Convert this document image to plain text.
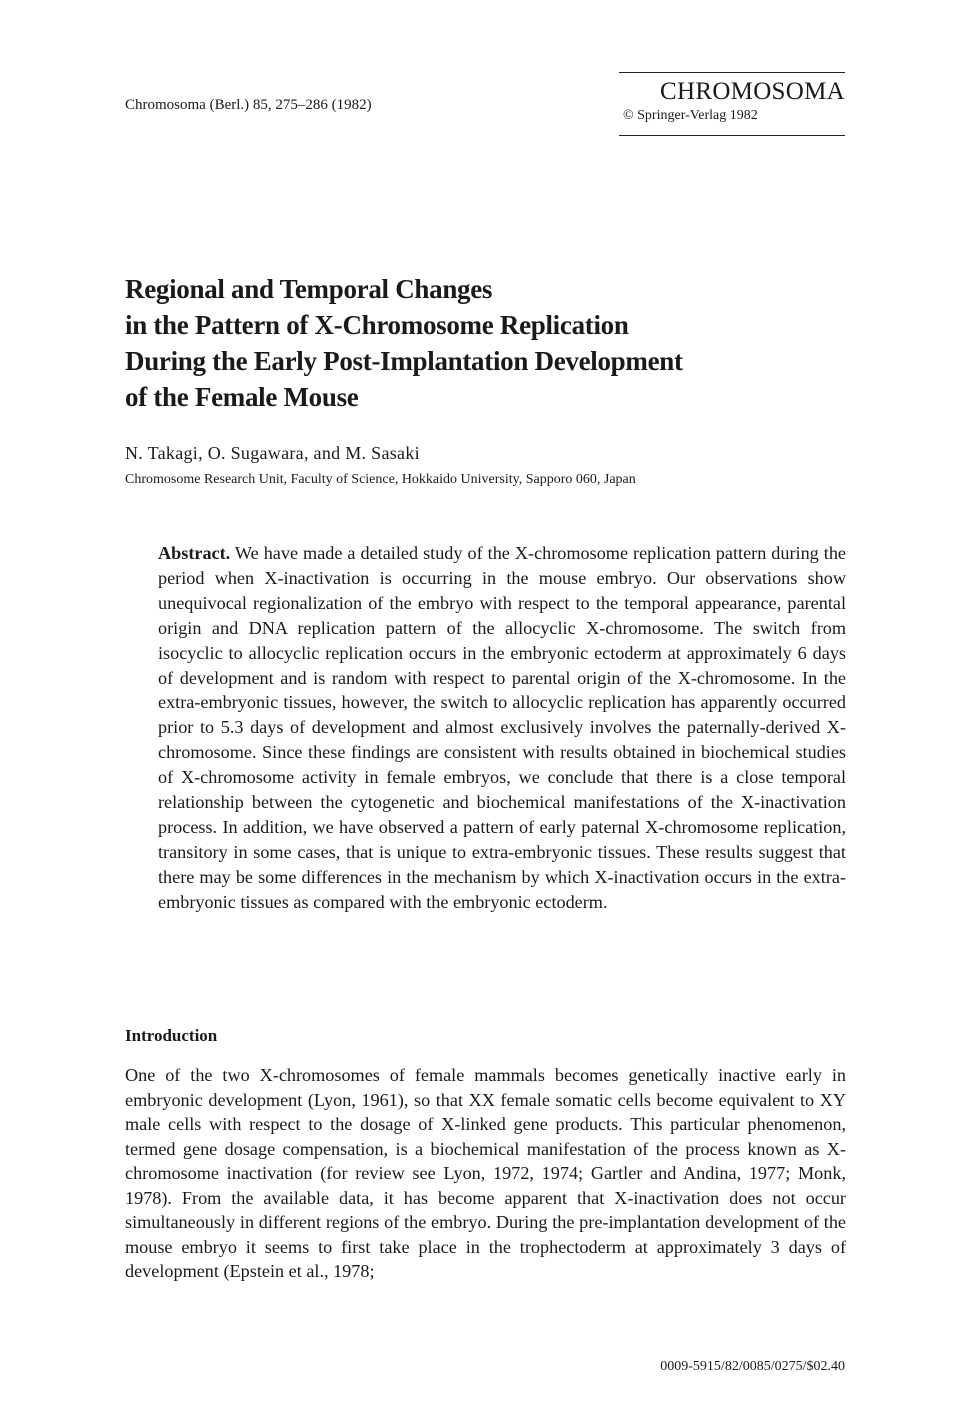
Chromosoma (Berl.) 85, 275–286 (1982)	CHROMOSOMA
© Springer-Verlag 1982
Regional and Temporal Changes
in the Pattern of X-Chromosome Replication
During the Early Post-Implantation Development
of the Female Mouse
N. Takagi, O. Sugawara, and M. Sasaki
Chromosome Research Unit, Faculty of Science, Hokkaido University, Sapporo 060, Japan
Abstract. We have made a detailed study of the X-chromosome replication pattern during the period when X-inactivation is occurring in the mouse embryo. Our observations show unequivocal regionalization of the embryo with respect to the temporal appearance, parental origin and DNA replication pattern of the allocyclic X-chromosome. The switch from isocyclic to allocyclic replication occurs in the embryonic ectoderm at approximately 6 days of development and is random with respect to parental origin of the X-chromosome. In the extra-embryonic tissues, however, the switch to allocyclic replication has apparently occurred prior to 5.3 days of development and almost exclusively involves the paternally-derived X-chromosome. Since these findings are consistent with results obtained in biochemical studies of X-chromosome activity in female embryos, we conclude that there is a close temporal relationship between the cytogenetic and biochemical manifestations of the X-inactivation process. In addition, we have observed a pattern of early paternal X-chromosome replication, transitory in some cases, that is unique to extra-embryonic tissues. These results suggest that there may be some differences in the mechanism by which X-inactivation occurs in the extra-embryonic tissues as compared with the embryonic ectoderm.
Introduction
One of the two X-chromosomes of female mammals becomes genetically inactive early in embryonic development (Lyon, 1961), so that XX female somatic cells become equivalent to XY male cells with respect to the dosage of X-linked gene products. This particular phenomenon, termed gene dosage compensation, is a biochemical manifestation of the process known as X-chromosome inactivation (for review see Lyon, 1972, 1974; Gartler and Andina, 1977; Monk, 1978). From the available data, it has become apparent that X-inactivation does not occur simultaneously in different regions of the embryo. During the pre-implantation development of the mouse embryo it seems to first take place in the trophectoderm at approximately 3 days of development (Epstein et al., 1978;
0009-5915/82/0085/0275/$02.40
